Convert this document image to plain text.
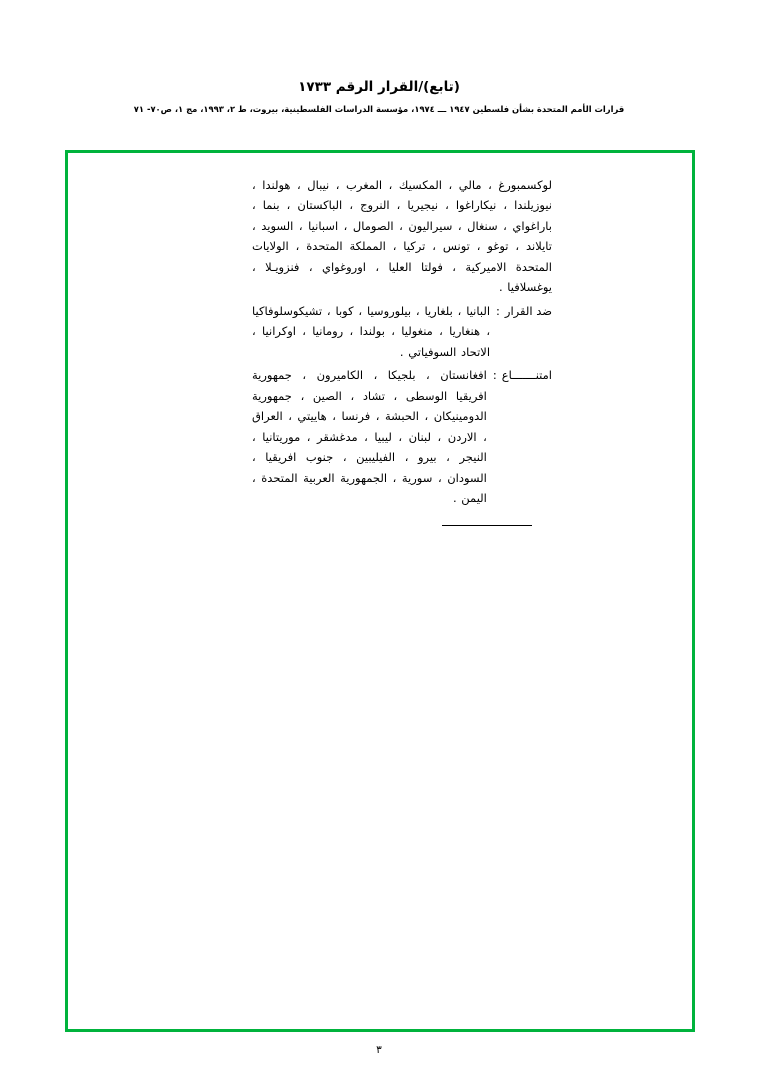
(تابع)/القرار الرقم ١٧٣٣
قرارات الأمم المتحدة بشأن فلسطين ١٩٤٧ ـــ ١٩٧٤، مؤسسة الدراسات الفلسطينية، بيروت، ط ٢، ١٩٩٣، مج ١، ص٧٠- ٧١

لوكسمبورغ ، مالي ، المكسيك ، المغرب ، نيبال ، هولندا ، نيوزيلندا ، نيكاراغوا ، نيجيريا ، النروج ، الباكستان ، بنما ، باراغواي ، سنغال ، سيراليون ، الصومال ، اسبانيا ، السويد ، تايلاند ، توغو ، تونس ، تركيا ، المملكة المتحدة ، الولايات المتحدة الاميركية ، فولتا العليا ، اوروغواي ، فنزويـلا ، يوغسلافيا .

ضد القرار
:
البانيا ، بلغاريا ، بيلوروسيا ، كوبا ، تشيكوسلوفاكيا ، هنغاريا ، منغوليا ، بولندا ، رومانيا ، اوكرانيا ، الاتحاد السوفياتي .
امتنـــــــاع
:
افغانستان ، بلجيكا ، الكاميرون ، جمهورية افريقيا الوسطى ، تشاد ، الصين ، جمهورية الدومينيكان ، الحبشة ، فرنسا ، هاييتي ، العراق ، الاردن ، لبنان ، ليبيا ، مدغشقر ، موريتانيا ، النيجر ، بيرو ، الفيليبين ، جنوب افريقيا ، السودان ، سورية ، الجمهورية العربية المتحدة ، اليمن .
٣
